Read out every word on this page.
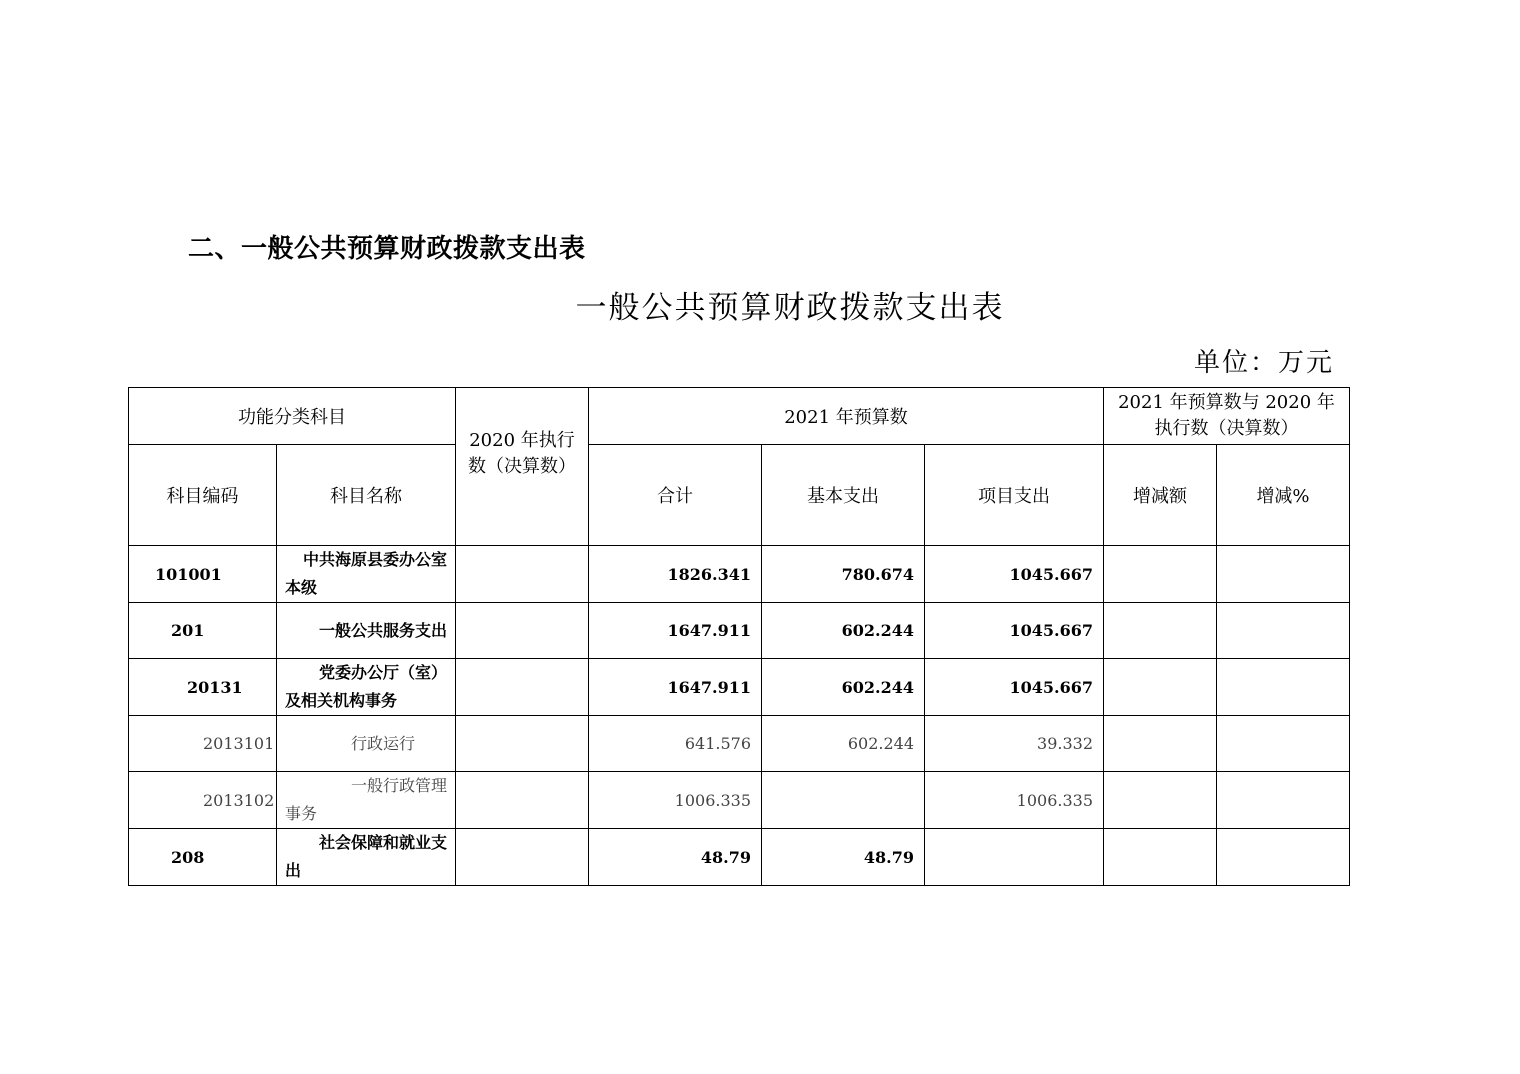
二、一般公共预算财政拨款支出表
一般公共预算财政拨款支出表
单位：万元
功能分类科目		2020 年执行数（决算数）	2021 年预算数			2021 年预算数与 2020 年执行数（决算数）	
科目编码	科目名称		合计	基本支出	项目支出	增减额	增减%
101001	中共海原县委办公室本级		1826.341	780.674	1045.667		
201	一般公共服务支出		1647.911	602.244	1045.667		
20131	党委办公厅（室）及相关机构事务		1647.911	602.244	1045.667		
2013101	行政运行		641.576	602.244	39.332		
2013102	一般行政管理事务		1006.335		1006.335		
208	社会保障和就业支出		48.79	48.79			
